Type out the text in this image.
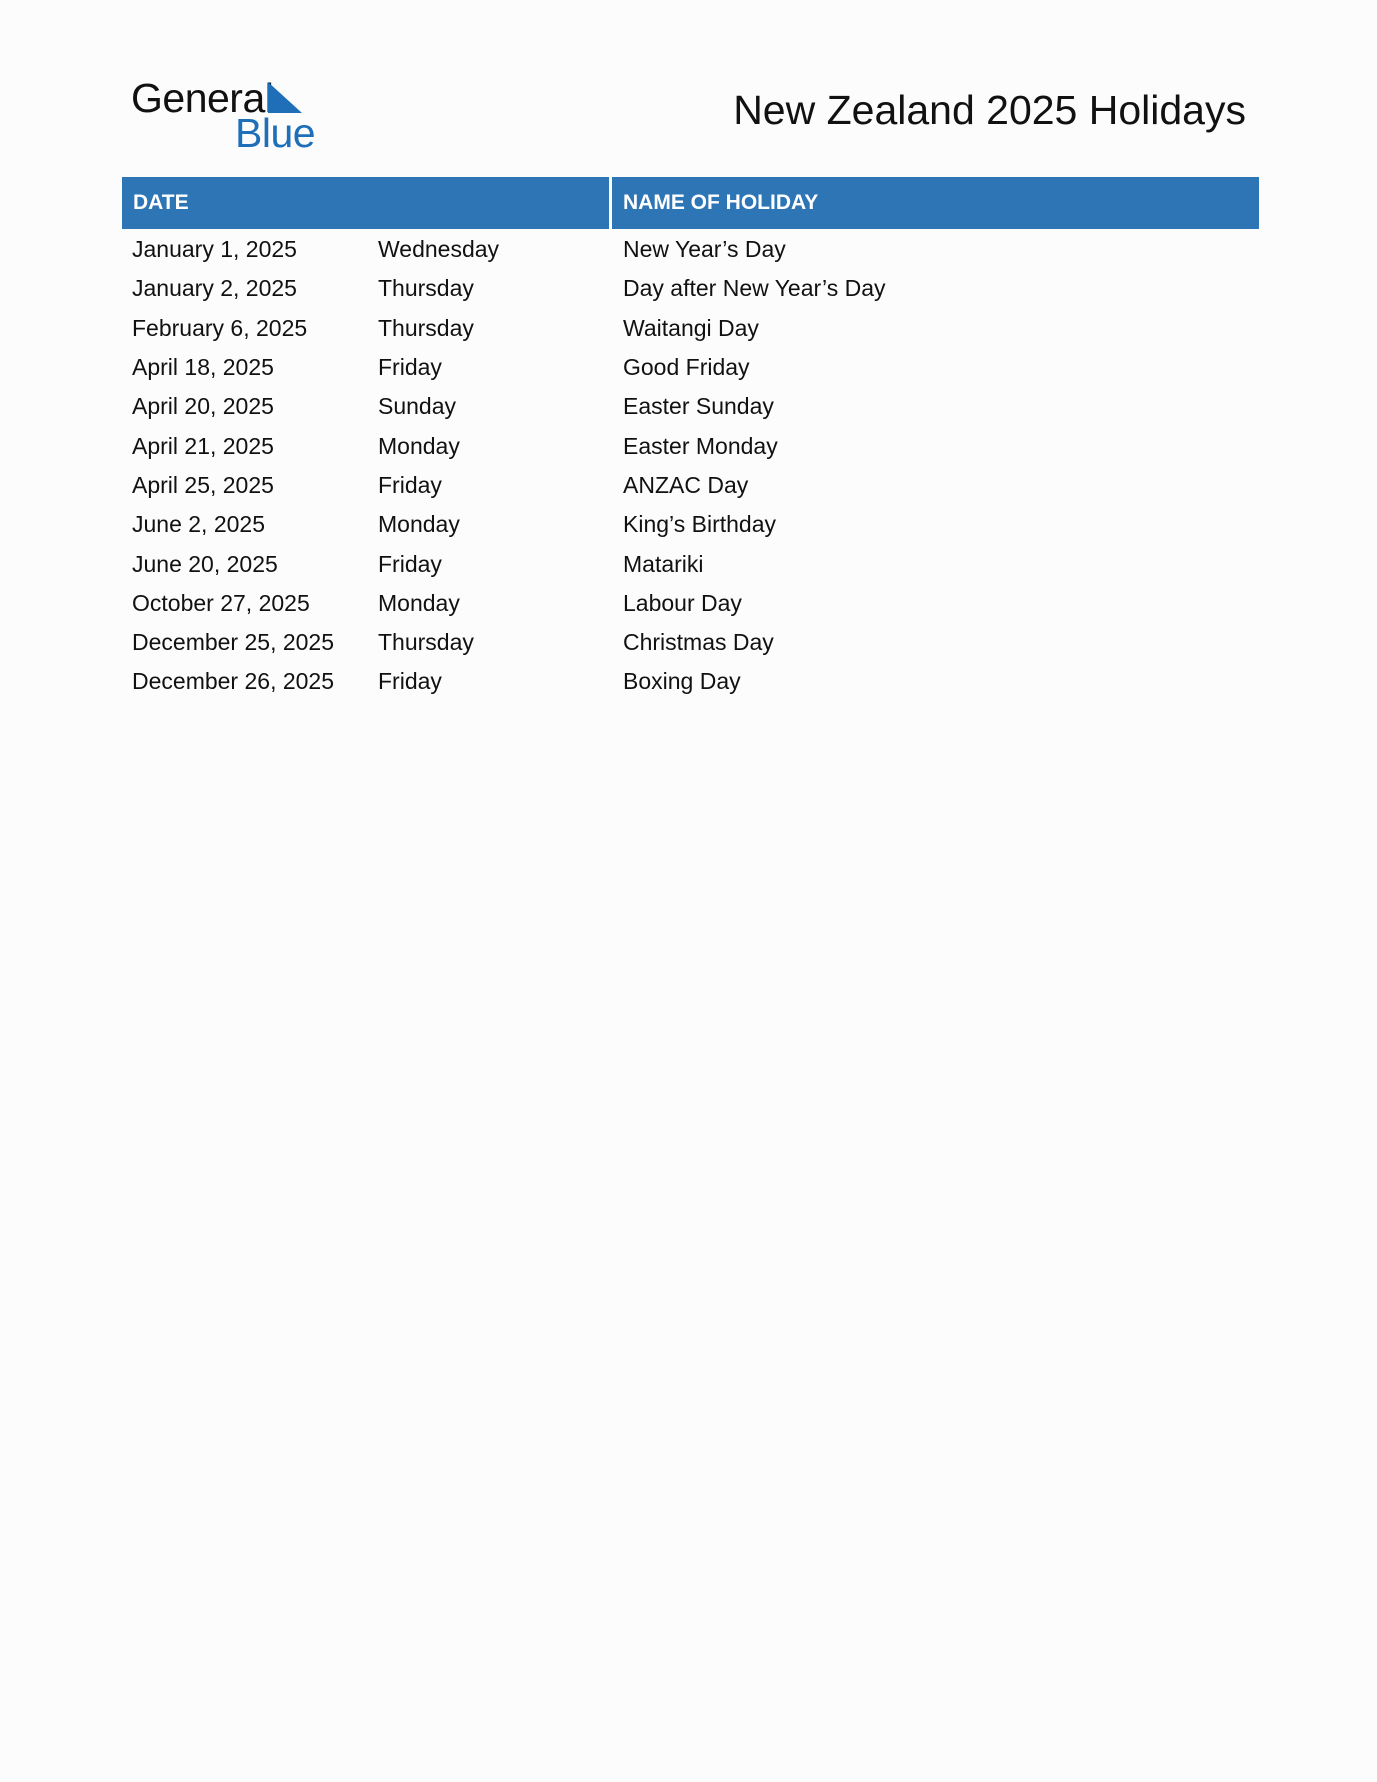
General
Blue	New Zealand 2025 Holidays
DATE	NAME OF HOLIDAY
January 1, 2025	Wednesday	New Year’s Day
January 2, 2025	Thursday	Day after New Year’s Day
February 6, 2025	Thursday	Waitangi Day
April 18, 2025	Friday	Good Friday
April 20, 2025	Sunday	Easter Sunday
April 21, 2025	Monday	Easter Monday
April 25, 2025	Friday	ANZAC Day
June 2, 2025	Monday	King’s Birthday
June 20, 2025	Friday	Matariki
October 27, 2025	Monday	Labour Day
December 25, 2025	Thursday	Christmas Day
December 26, 2025	Friday	Boxing Day
